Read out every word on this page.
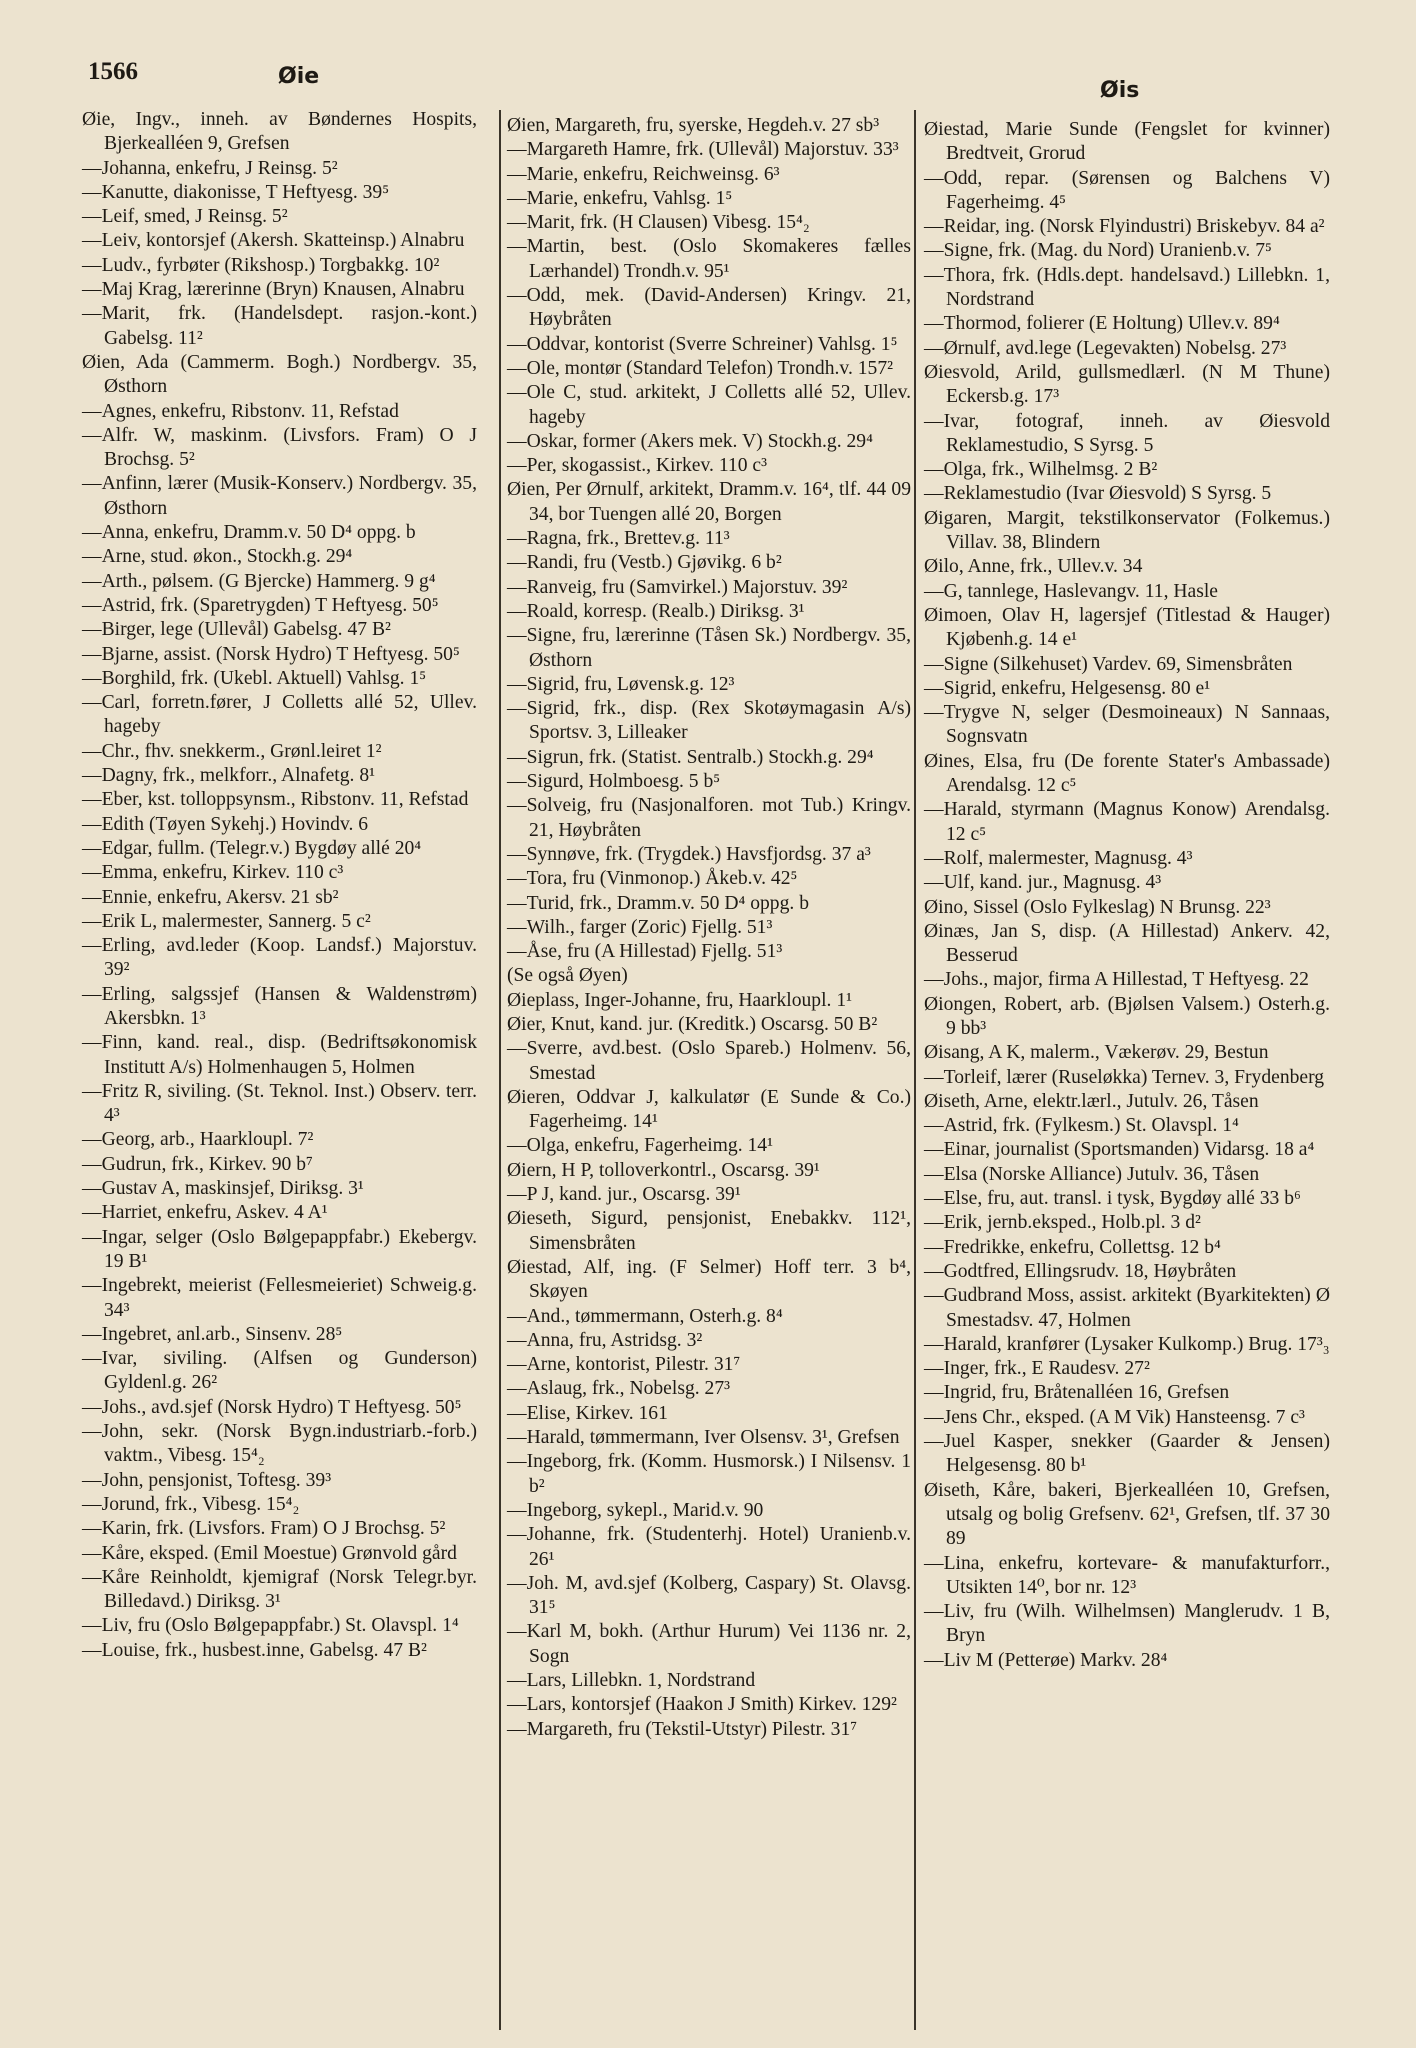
1566	Øie
Øis

Øie, Ingv., inneh. av Bøndernes Hospits, Bjerkealléen 9, Grefsen

—Johanna, enkefru, J Reinsg. 5²

—Kanutte, diakonisse, T Heftyesg. 39⁵

—Leif, smed, J Reinsg. 5²

—Leiv, kontorsjef (Akersh. Skatteinsp.) Alnabru

—Ludv., fyrbøter (Rikshosp.) Torgbakkg. 10²

—Maj Krag, lærerinne (Bryn) Knausen, Alnabru

—Marit, frk. (Handelsdept. rasjon.-kont.) Gabelsg. 11²

Øien, Ada (Cammerm. Bogh.) Nordbergv. 35, Østhorn

—Agnes, enkefru, Ribstonv. 11, Refstad

—Alfr. W, maskinm. (Livsfors. Fram) O J Brochsg. 5²

—Anfinn, lærer (Musik-Konserv.) Nordbergv. 35, Østhorn

—Anna, enkefru, Dramm.v. 50 D⁴ oppg. b

—Arne, stud. økon., Stockh.g. 29⁴

—Arth., pølsem. (G Bjercke) Hammerg. 9 g⁴

—Astrid, frk. (Sparetrygden) T Heftyesg. 50⁵

—Birger, lege (Ullevål) Gabelsg. 47 B²

—Bjarne, assist. (Norsk Hydro) T Heftyesg. 50⁵

—Borghild, frk. (Ukebl. Aktuell) Vahlsg. 1⁵

—Carl, forretn.fører, J Colletts allé 52, Ullev. hageby

—Chr., fhv. snekkerm., Grønl.leiret 1²

—Dagny, frk., melkforr., Alnafetg. 8¹

—Eber, kst. tolloppsynsm., Ribstonv. 11, Refstad

—Edith (Tøyen Sykehj.) Hovindv. 6

—Edgar, fullm. (Telegr.v.) Bygdøy allé 20⁴

—Emma, enkefru, Kirkev. 110 c³

—Ennie, enkefru, Akersv. 21 sb²

—Erik L, malermester, Sannerg. 5 c²

—Erling, avd.leder (Koop. Landsf.) Majorstuv. 39²

—Erling, salgssjef (Hansen & Waldenstrøm) Akersbkn. 1³

—Finn, kand. real., disp. (Bedriftsøkonomisk Institutt A/s) Holmenhaugen 5, Holmen

—Fritz R, siviling. (St. Teknol. Inst.) Observ. terr. 4³

—Georg, arb., Haarkloupl. 7²

—Gudrun, frk., Kirkev. 90 b⁷

—Gustav A, maskinsjef, Diriksg. 3¹

—Harriet, enkefru, Askev. 4 A¹

—Ingar, selger (Oslo Bølgepappfabr.) Ekebergv. 19 B¹

—Ingebrekt, meierist (Fellesmeieriet) Schweig.g. 34³

—Ingebret, anl.arb., Sinsenv. 28⁵

—Ivar, siviling. (Alfsen og Gunderson) Gyldenl.g. 26²

—Johs., avd.sjef (Norsk Hydro) T Heftyesg. 50⁵

—John, sekr. (Norsk Bygn.industriarb.-forb.) vaktm., Vibesg. 15⁴₂

—John, pensjonist, Toftesg. 39³

—Jorund, frk., Vibesg. 15⁴₂

—Karin, frk. (Livsfors. Fram) O J Brochsg. 5²

—Kåre, eksped. (Emil Moestue) Grønvold gård

—Kåre Reinholdt, kjemigraf (Norsk Telegr.byr. Billedavd.) Diriksg. 3¹

—Liv, fru (Oslo Bølgepappfabr.) St. Olavspl. 1⁴

—Louise, frk., husbest.inne, Gabelsg. 47 B²

Øien, Margareth, fru, syerske, Hegdeh.v. 27 sb³

—Margareth Hamre, frk. (Ullevål) Majorstuv. 33³

—Marie, enkefru, Reichweinsg. 6³

—Marie, enkefru, Vahlsg. 1⁵

—Marit, frk. (H Clausen) Vibesg. 15⁴₂

—Martin, best. (Oslo Skomakeres fælles Lærhandel) Trondh.v. 95¹

—Odd, mek. (David-Andersen) Kringv. 21, Høybråten

—Oddvar, kontorist (Sverre Schreiner) Vahlsg. 1⁵

—Ole, montør (Standard Telefon) Trondh.v. 157²

—Ole C, stud. arkitekt, J Colletts allé 52, Ullev. hageby

—Oskar, former (Akers mek. V) Stockh.g. 29⁴

—Per, skogassist., Kirkev. 110 c³

Øien, Per Ørnulf, arkitekt, Dramm.v. 16⁴, tlf. 44 09 34, bor Tuengen allé 20, Borgen

—Ragna, frk., Brettev.g. 11³

—Randi, fru (Vestb.) Gjøvikg. 6 b²

—Ranveig, fru (Samvirkel.) Majorstuv. 39²

—Roald, korresp. (Realb.) Diriksg. 3¹

—Signe, fru, lærerinne (Tåsen Sk.) Nordbergv. 35, Østhorn

—Sigrid, fru, Løvensk.g. 12³

—Sigrid, frk., disp. (Rex Skotøymagasin A/s) Sportsv. 3, Lilleaker

—Sigrun, frk. (Statist. Sentralb.) Stockh.g. 29⁴

—Sigurd, Holmboesg. 5 b⁵

—Solveig, fru (Nasjonalforen. mot Tub.) Kringv. 21, Høybråten

—Synnøve, frk. (Trygdek.) Havsfjordsg. 37 a³

—Tora, fru (Vinmonop.) Åkeb.v. 42⁵

—Turid, frk., Dramm.v. 50 D⁴ oppg. b

—Wilh., farger (Zoric) Fjellg. 51³

—Åse, fru (A Hillestad) Fjellg. 51³

(Se også Øyen)

Øieplass, Inger-Johanne, fru, Haarkloupl. 1¹

Øier, Knut, kand. jur. (Kreditk.) Oscarsg. 50 B²

—Sverre, avd.best. (Oslo Spareb.) Holmenv. 56, Smestad

Øieren, Oddvar J, kalkulatør (E Sunde & Co.) Fagerheimg. 14¹

—Olga, enkefru, Fagerheimg. 14¹

Øiern, H P, tolloverkontrl., Oscarsg. 39¹

—P J, kand. jur., Oscarsg. 39¹

Øieseth, Sigurd, pensjonist, Enebakkv. 112¹, Simensbråten

Øiestad, Alf, ing. (F Selmer) Hoff terr. 3 b⁴, Skøyen

—And., tømmermann, Osterh.g. 8⁴

—Anna, fru, Astridsg. 3²

—Arne, kontorist, Pilestr. 31⁷

—Aslaug, frk., Nobelsg. 27³

—Elise, Kirkev. 161

—Harald, tømmermann, Iver Olsensv. 3¹, Grefsen

—Ingeborg, frk. (Komm. Husmorsk.) I Nilsensv. 1 b²

—Ingeborg, sykepl., Marid.v. 90

—Johanne, frk. (Studenterhj. Hotel) Uranienb.v. 26¹

—Joh. M, avd.sjef (Kolberg, Caspary) St. Olavsg. 31⁵

—Karl M, bokh. (Arthur Hurum) Vei 1136 nr. 2, Sogn

—Lars, Lillebkn. 1, Nordstrand

—Lars, kontorsjef (Haakon J Smith) Kirkev. 129²

—Margareth, fru (Tekstil-Utstyr) Pilestr. 31⁷

Øiestad, Marie Sunde (Fengslet for kvinner) Bredtveit, Grorud

—Odd, repar. (Sørensen og Balchens V) Fagerheimg. 4⁵

—Reidar, ing. (Norsk Flyindustri) Briskebyv. 84 a²

—Signe, frk. (Mag. du Nord) Uranienb.v. 7⁵

—Thora, frk. (Hdls.dept. handelsavd.) Lillebkn. 1, Nordstrand

—Thormod, folierer (E Holtung) Ullev.v. 89⁴

—Ørnulf, avd.lege (Legevakten) Nobelsg. 27³

Øiesvold, Arild, gullsmedlærl. (N M Thune) Eckersb.g. 17³

—Ivar, fotograf, inneh. av Øiesvold Reklamestudio, S Syrsg. 5

—Olga, frk., Wilhelmsg. 2 B²

—Reklamestudio (Ivar Øiesvold) S Syrsg. 5

Øigaren, Margit, tekstilkonservator (Folkemus.) Villav. 38, Blindern

Øilo, Anne, frk., Ullev.v. 34

—G, tannlege, Haslevangv. 11, Hasle

Øimoen, Olav H, lagersjef (Titlestad & Hauger) Kjøbenh.g. 14 e¹

—Signe (Silkehuset) Vardev. 69, Simensbråten

—Sigrid, enkefru, Helgesensg. 80 e¹

—Trygve N, selger (Desmoineaux) N Sannaas, Sognsvatn

Øines, Elsa, fru (De forente Stater's Ambassade) Arendalsg. 12 c⁵

—Harald, styrmann (Magnus Konow) Arendalsg. 12 c⁵

—Rolf, malermester, Magnusg. 4³

—Ulf, kand. jur., Magnusg. 4³

Øino, Sissel (Oslo Fylkeslag) N Brunsg. 22³

Øinæs, Jan S, disp. (A Hillestad) Ankerv. 42, Besserud

—Johs., major, firma A Hillestad, T Heftyesg. 22

Øiongen, Robert, arb. (Bjølsen Valsem.) Osterh.g. 9 bb³

Øisang, A K, malerm., Vækerøv. 29, Bestun

—Torleif, lærer (Ruseløkka) Ternev. 3, Frydenberg

Øiseth, Arne, elektr.lærl., Jutulv. 26, Tåsen

—Astrid, frk. (Fylkesm.) St. Olavspl. 1⁴

—Einar, journalist (Sportsmanden) Vidarsg. 18 a⁴

—Elsa (Norske Alliance) Jutulv. 36, Tåsen

—Else, fru, aut. transl. i tysk, Bygdøy allé 33 b⁶

—Erik, jernb.eksped., Holb.pl. 3 d²

—Fredrikke, enkefru, Collettsg. 12 b⁴

—Godtfred, Ellingsrudv. 18, Høybråten

—Gudbrand Moss, assist. arkitekt (Byarkitekten) Ø Smestadsv. 47, Holmen

—Harald, kranfører (Lysaker Kulkomp.) Brug. 17³₃

—Inger, frk., E Raudesv. 27²

—Ingrid, fru, Bråtenalléen 16, Grefsen

—Jens Chr., eksped. (A M Vik) Hansteensg. 7 c³

—Juel Kasper, snekker (Gaarder & Jensen) Helgesensg. 80 b¹

Øiseth, Kåre, bakeri, Bjerkealléen 10, Grefsen, utsalg og bolig Grefsenv. 62¹, Grefsen, tlf. 37 30 89

—Lina, enkefru, kortevare- & manufakturforr., Utsikten 14⁰, bor nr. 12³

—Liv, fru (Wilh. Wilhelmsen) Manglerudv. 1 B, Bryn

—Liv M (Petterøe) Markv. 28⁴
